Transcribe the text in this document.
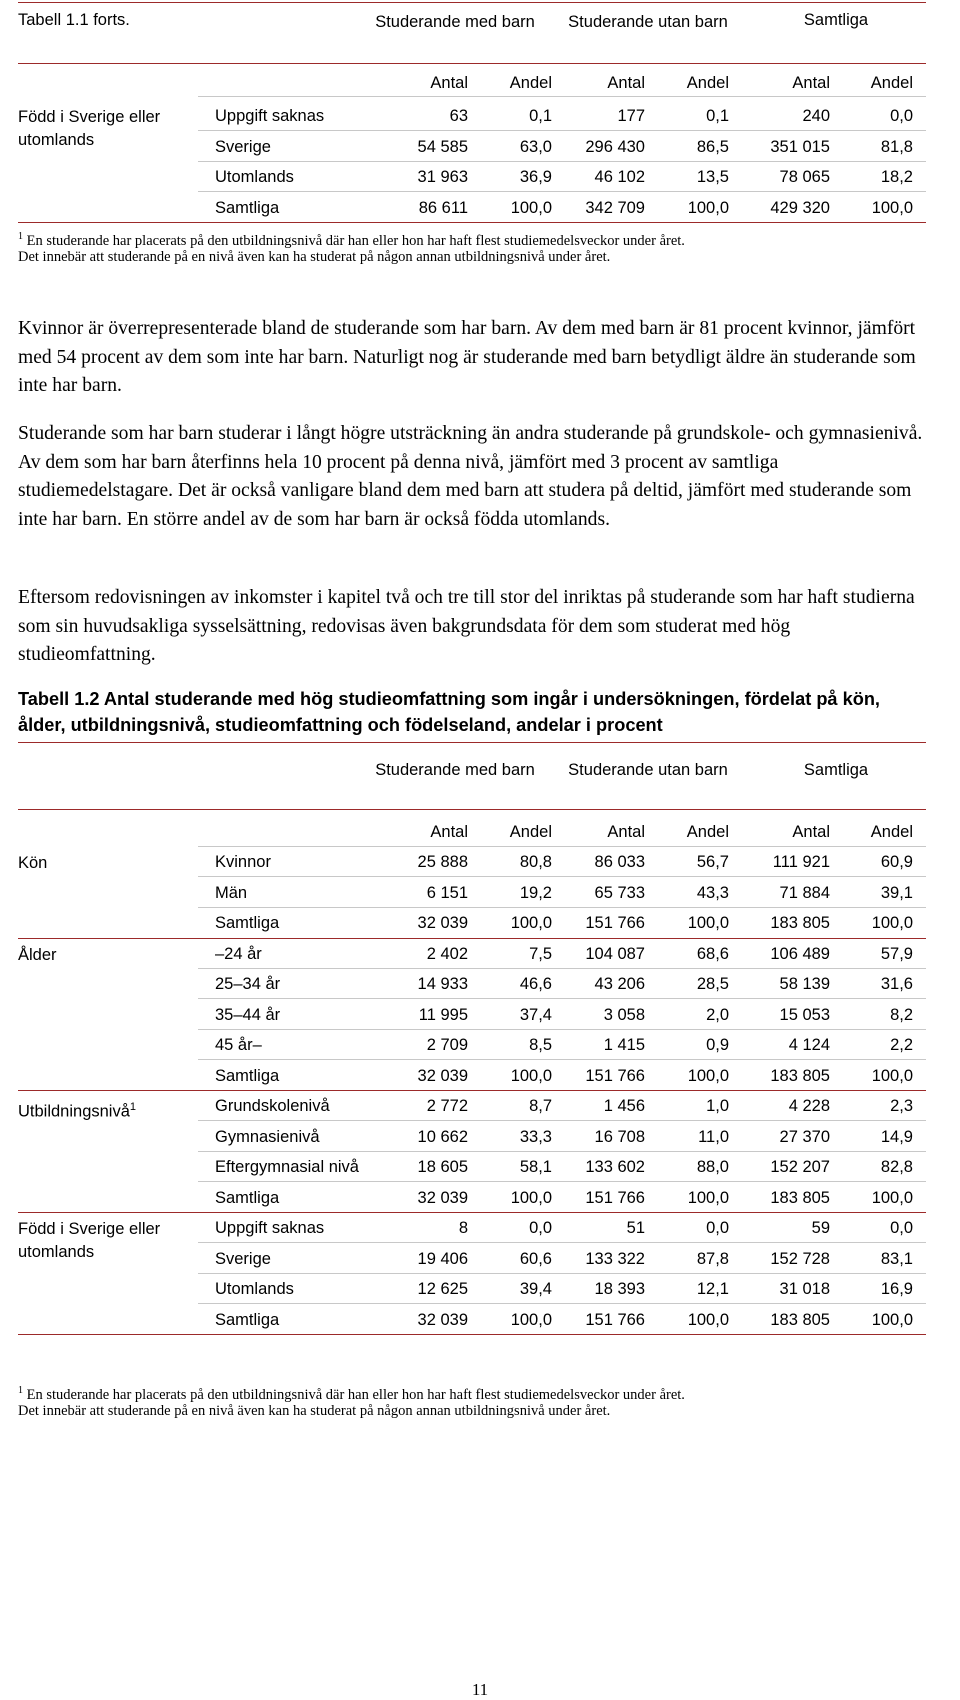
Tabell 1.1 forts.	Studerande med barn	Studerande utan barn	Samtliga
Antal	Andel	Antal	Andel	Antal	Andel
Född i Sverige eller utomlands
Uppgift saknas	63	0,1	177	0,1	240	0,0
Sverige	54 585	63,0	296 430	86,5	351 015	81,8
Utomlands	31 963	36,9	46 102	13,5	78 065	18,2
Samtliga	86 611	100,0	342 709	100,0	429 320	100,0
$^1$ En studerande har placerats på den utbildningsnivå där han eller hon har haft flest studiemedelsveckor under året.
Det innebär att studerande på en nivå även kan ha studerat på någon annan utbildningsnivå under året.

Kvinnor är överrepresenterade bland de studerande som har barn. Av dem med barn är 81 procent kvinnor, jämfört med 54 procent av dem som inte har barn. Naturligt nog är studerande med barn betydligt äldre än studerande som inte har barn.

Studerande som har barn studerar i långt högre utsträckning än andra studerande på grundskole- och gymnasienivå. Av dem som har barn återfinns hela 10 procent på denna nivå, jämfört med 3 procent av samtliga studiemedelstagare. Det är också vanligare bland dem med barn att studera på deltid, jämfört med studerande som inte har barn. En större andel av de som har barn är också födda utomlands.

Eftersom redovisningen av inkomster i kapitel två och tre till stor del inriktas på studerande som har haft studierna som sin huvudsakliga sysselsättning, redovisas även bakgrundsdata för dem som studerat med hög studieomfattning.

Tabell 1.2 Antal studerande med hög studieomfattning som ingår i undersökningen, fördelat på kön, ålder, utbildningsnivå, studieomfattning och födelseland, andelar i procent
Studerande med barn	Studerande utan barn	Samtliga
Antal	Andel	Antal	Andel	Antal	Andel
Kön	Kvinnor	25 888	80,8	86 033	56,7	111 921	60,9
Män	6 151	19,2	65 733	43,3	71 884	39,1
Samtliga	32 039	100,0	151 766	100,0	183 805	100,0
Ålder	–24 år	2 402	7,5	104 087	68,6	106 489	57,9
25–34 år	14 933	46,6	43 206	28,5	58 139	31,6
35–44 år	11 995	37,4	3 058	2,0	15 053	8,2
45 år–	2 709	8,5	1 415	0,9	4 124	2,2
Samtliga	32 039	100,0	151 766	100,0	183 805	100,0
Utbildningsnivå$^1$	Grundskolenivå	2 772	8,7	1 456	1,0	4 228	2,3
Gymnasienivå	10 662	33,3	16 708	11,0	27 370	14,9
Eftergymnasial nivå	18 605	58,1	133 602	88,0	152 207	82,8
Samtliga	32 039	100,0	151 766	100,0	183 805	100,0
Född i Sverige eller utomlands
Uppgift saknas	8	0,0	51	0,0	59	0,0
Sverige	19 406	60,6	133 322	87,8	152 728	83,1
Utomlands	12 625	39,4	18 393	12,1	31 018	16,9
Samtliga	32 039	100,0	151 766	100,0	183 805	100,0
$^1$ En studerande har placerats på den utbildningsnivå där han eller hon har haft flest studiemedelsveckor under året.
Det innebär att studerande på en nivå även kan ha studerat på någon annan utbildningsnivå under året.
11
